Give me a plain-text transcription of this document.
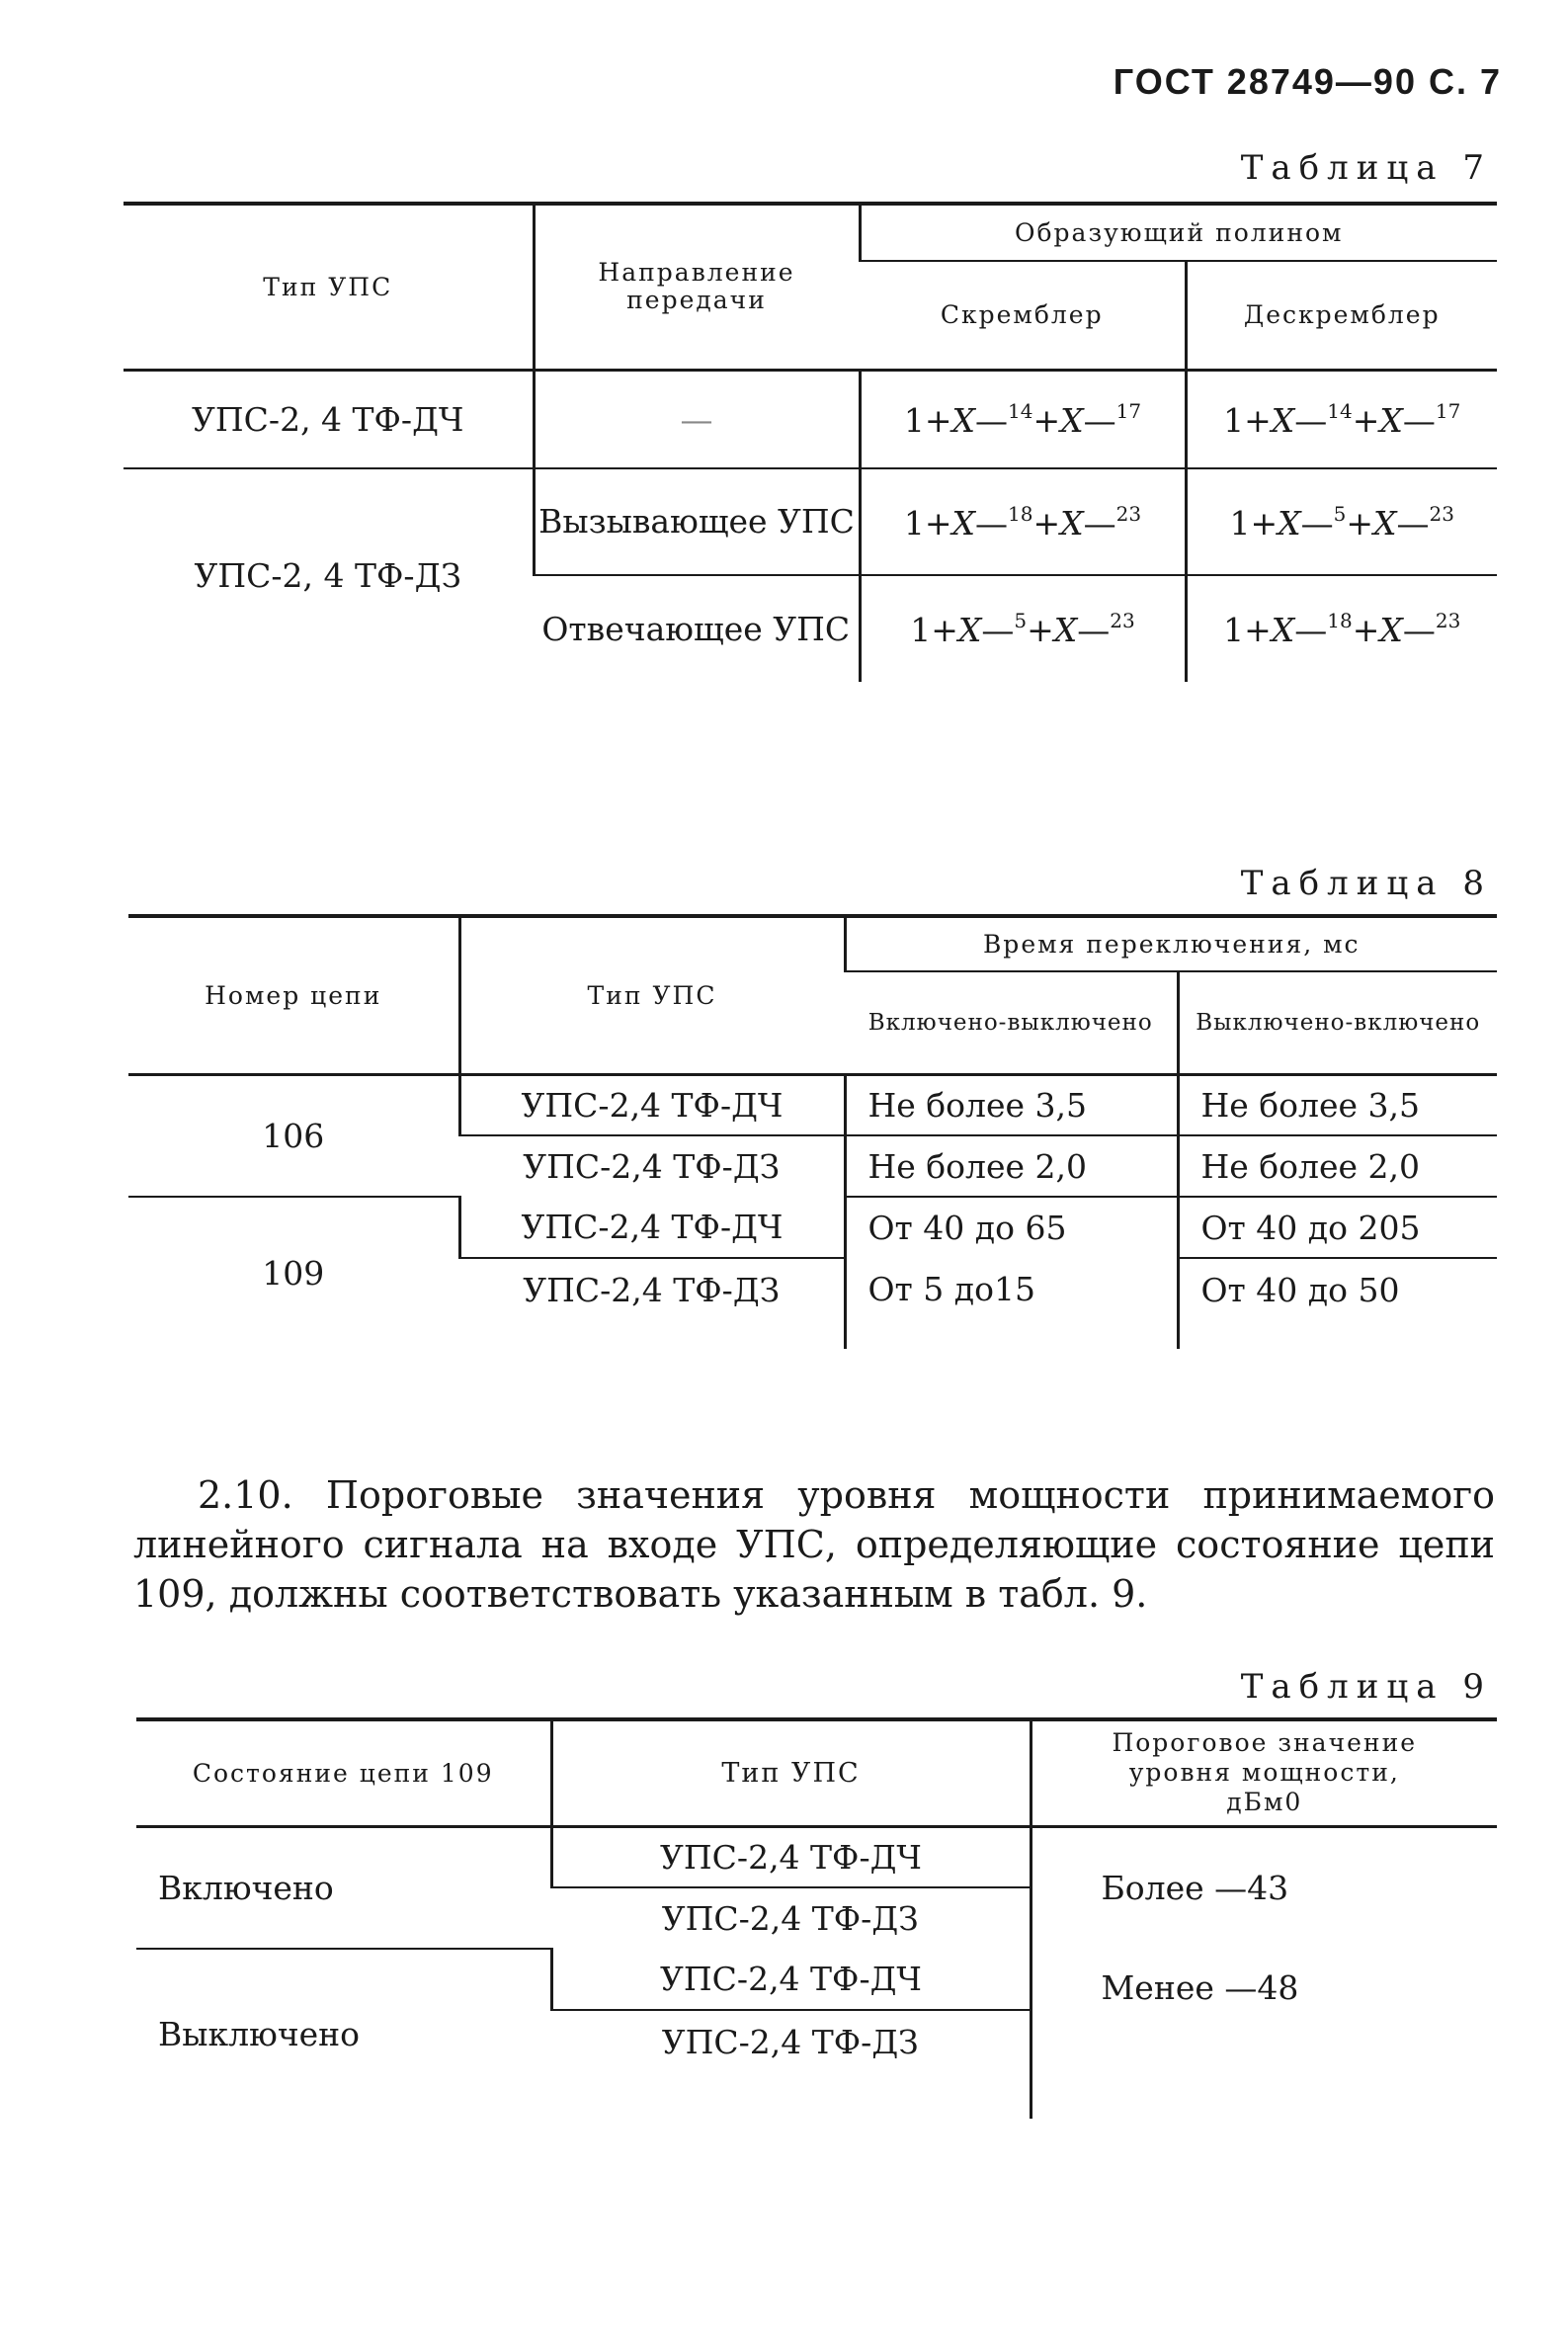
ГОСТ 28749—90 С. 7
Таблица 7
Тип УПС	Направление передачи	Образующий полином	
		Скремблер	Дескремблер
УПС-2, 4 ТФ-ДЧ	—	1+X—$^{14}$+X—$^{17}$	1+X—$^{14}$+X—$^{17}$
УПС-2, 4 ТФ-ДЗ	Вызывающее УПС	1+X—$^{18}$+X—$^{23}$	1+X—$^5$+X—$^{23}$
	Отвечающее УПС	1+X—$^5$+X—$^{23}$	1+X—$^{18}$+X—$^{23}$
Таблица 8
Номер цепи	Тип УПС	Время переключения, мс	
		Включено-выключено	Выключено-включено
106	УПС-2,4 ТФ-ДЧ	Не более 3,5	Не более 3,5
	УПС-2,4 ТФ-ДЗ	Не более 2,0	Не более 2,0
109	УПС-2,4 ТФ-ДЧ	От 40 до 65	От 40 до 205
	УПС-2,4 ТФ-ДЗ	От 5 до15	От 40 до 50
2.10. Пороговые значения уровня мощности принимаемого линейного сигнала на входе УПС, определяющие состояние цепи 109, должны соответствовать указанным в табл. 9.
Таблица 9
Состояние цепи 109	Тип УПС	Пороговое значение уровня мощности, дБм0
Включено	УПС-2,4 ТФ-ДЧ	Более —43
	УПС-2,4 ТФ-ДЗ	
Выключено	УПС-2,4 ТФ-ДЧ	Менее —48
	УПС-2,4 ТФ-ДЗ	
